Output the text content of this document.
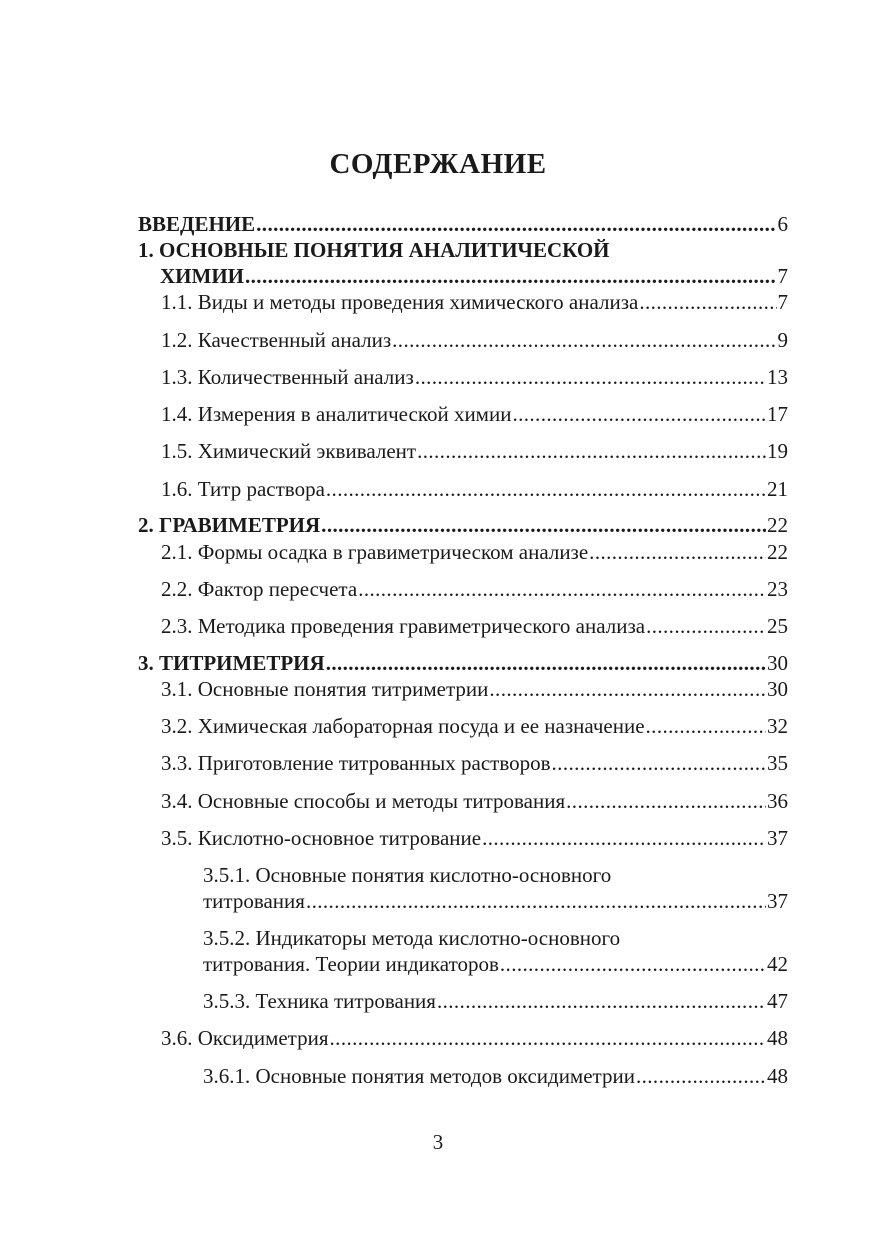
СОДЕРЖАНИЕ
ВВЕДЕНИЕ .....	6
1. ОСНОВНЫЕ ПОНЯТИЯ АНАЛИТИЧЕСКОЙ
ХИМИИ .....	7
1.1. Виды и методы проведения химического анализа .....	7
1.2. Качественный анализ .....	9
1.3. Количественный анализ .....	13
1.4. Измерения в аналитической химии .....	17
1.5. Химический эквивалент .....	19
1.6. Титр раствора .....	21
2. ГРАВИМЕТРИЯ .....	22
2.1. Формы осадка в гравиметрическом анализе .....	22
2.2. Фактор пересчета .....	23
2.3. Методика проведения гравиметрического анализа .....	25
3. ТИТРИМЕТРИЯ .....	30
3.1. Основные понятия титриметрии .....	30
3.2. Химическая лабораторная посуда и ее назначение .....	32
3.3. Приготовление титрованных растворов .....	35
3.4. Основные способы и методы титрования .....	36
3.5. Кислотно-основное титрование .....	37
3.5.1. Основные понятия кислотно-основного
титрования .....	37
3.5.2. Индикаторы метода кислотно-основного
титрования. Теории индикаторов .....	42
3.5.3. Техника титрования .....	47
3.6. Оксидиметрия .....	48
3.6.1. Основные понятия методов оксидиметрии .....	48
3
